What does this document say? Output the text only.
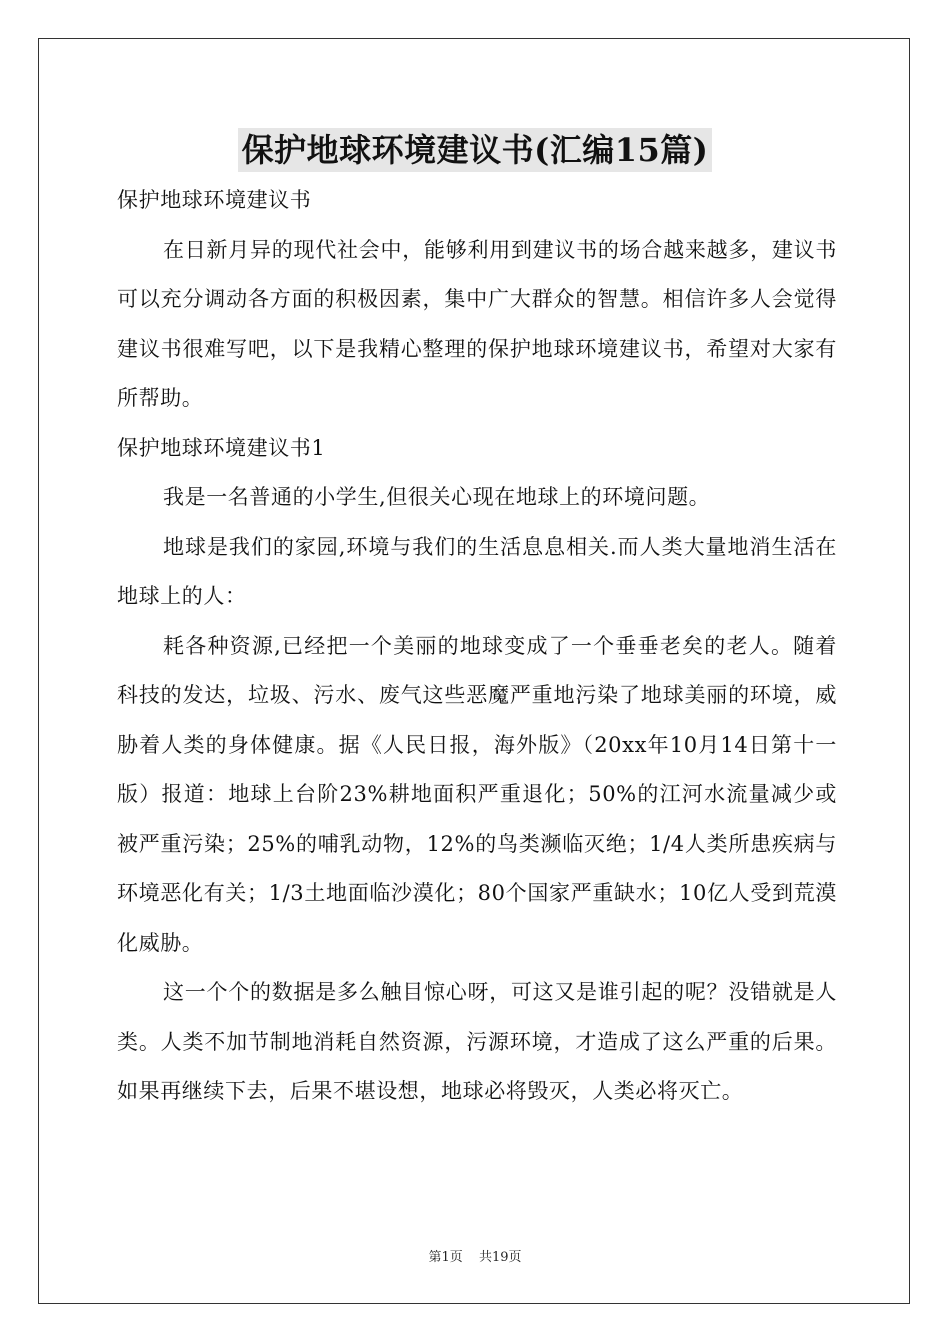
保护地球环境建议书(汇编15篇)

保护地球环境建议书

在日新月异的现代社会中，能够利用到建议书的场合越来越多，建议书可以充分调动各方面的积极因素，集中广大群众的智慧。相信许多人会觉得建议书很难写吧，以下是我精心整理的保护地球环境建议书，希望对大家有所帮助。

保护地球环境建议书1

我是一名普通的小学生,但很关心现在地球上的环境问题。

地球是我们的家园,环境与我们的生活息息相关.而人类大量地消生活在地球上的人：

耗各种资源,已经把一个美丽的地球变成了一个垂垂老矣的老人。随着科技的发达，垃圾、污水、废气这些恶魔严重地污染了地球美丽的环境，威胁着人类的身体健康。据《人民日报，海外版》（20xx年10月14日第十一版）报道：地球上台阶23%耕地面积严重退化；50%的江河水流量减少或被严重污染；25%的哺乳动物，12%的鸟类濒临灭绝；1/4人类所患疾病与环境恶化有关；1/3土地面临沙漠化；80个国家严重缺水；10亿人受到荒漠化威胁。

这一个个的数据是多么触目惊心呀，可这又是谁引起的呢？没错就是人类。人类不加节制地消耗自然资源，污源环境，才造成了这么严重的后果。如果再继续下去，后果不堪设想，地球必将毁灭，人类必将灭亡。

第1页 共19页
